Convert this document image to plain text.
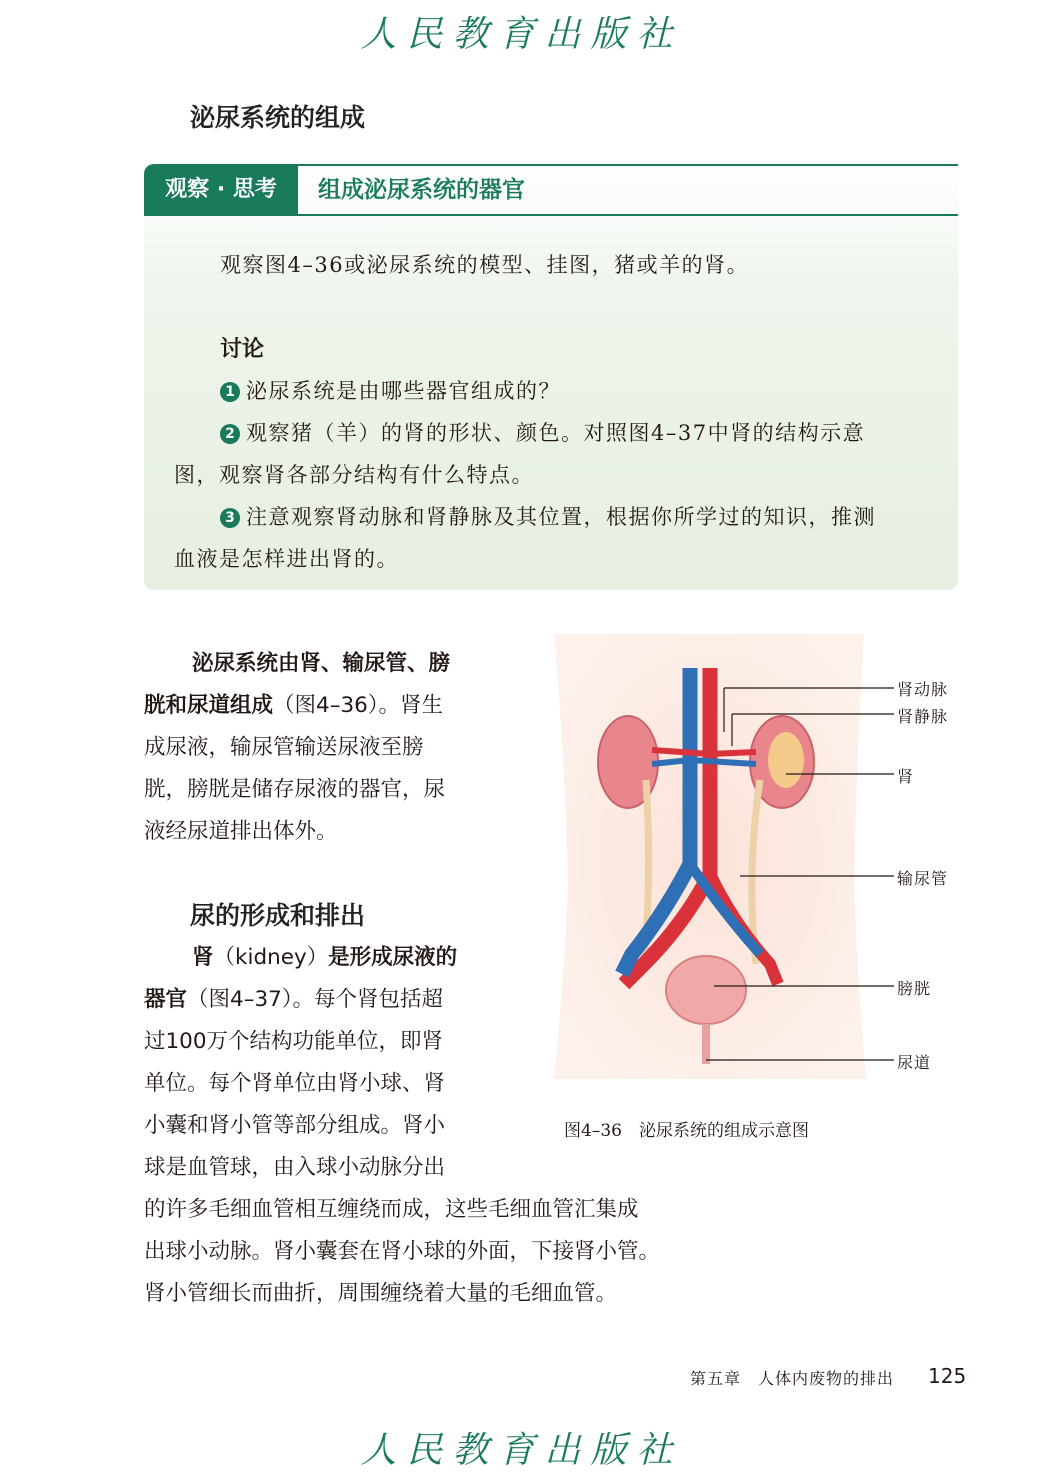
人民教育出版社
泌尿系统的组成
观察 · 思考	组成泌尿系统的器官
观察图4–36或泌尿系统的模型、挂图，猪或羊的肾。
讨论
1 泌尿系统是由哪些器官组成的？
2 观察猪（羊）的肾的形状、颜色。对照图4–37中肾的结构示意
图，观察肾各部分结构有什么特点。
3 注意观察肾动脉和肾静脉及其位置，根据你所学过的知识，推测
血液是怎样进出肾的。
泌尿系统由肾、输尿管、膀
胱和尿道组成（图4–36）。肾生
成尿液，输尿管输送尿液至膀
胱，膀胱是储存尿液的器官，尿
液经尿道排出体外。
尿的形成和排出
肾（kidney）是形成尿液的
器官（图4–37）。每个肾包括超
过100万个结构功能单位，即肾
单位。每个肾单位由肾小球、肾
小囊和肾小管等部分组成。肾小
球是血管球，由入球小动脉分出
的许多毛细血管相互缠绕而成，这些毛细血管汇集成
出球小动脉。肾小囊套在肾小球的外面，下接肾小管。
肾小管细长而曲折，周围缠绕着大量的毛细血管。
肾动脉
肾静脉
肾
输尿管
膀胱
尿道
图4–36　泌尿系统的组成示意图
第五章　人体内废物的排出 125
人民教育出版社
